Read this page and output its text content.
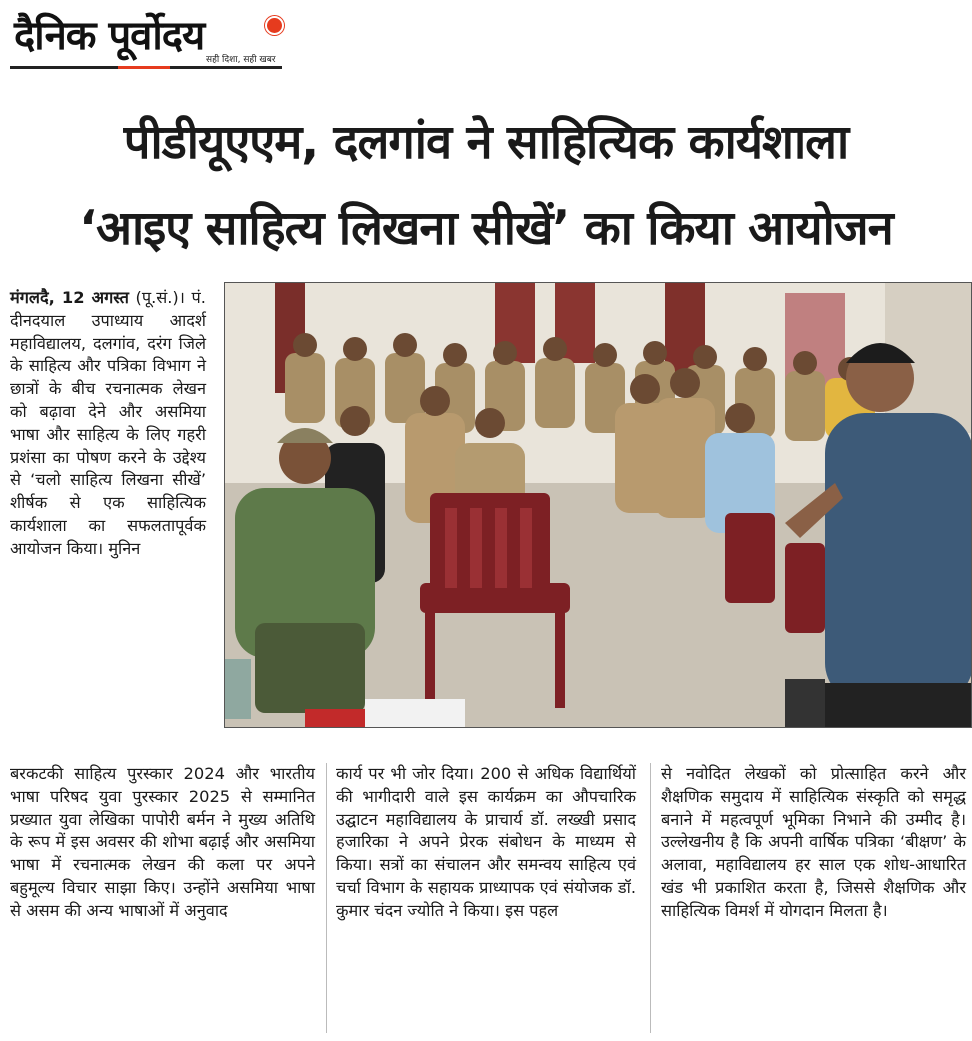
दैनिक पूर्वोदय
सही दिशा, सही खबर
पीडीयूएएम, दलगांव ने साहित्यिक कार्यशाला
‘आइए साहित्य लिखना सीखें’ का किया आयोजन

मंगलदै, 12 अगस्त (पू.सं.)। पं. दीनदयाल उपाध्याय आदर्श महाविद्यालय, दलगांव, दरंग जिले के साहित्य और पत्रिका विभाग ने छात्रों के बीच रचनात्मक लेखन को बढ़ावा देने और असमिया भाषा और साहित्य के लिए गहरी प्रशंसा का पोषण करने के उद्देश्य से ‘चलो साहित्य लिखना सीखें’ शीर्षक से एक साहित्यिक कार्यशाला का सफलतापूर्वक आयोजन किया। मुनिन

बरकटकी साहित्य पुरस्कार 2024 और भारतीय भाषा परिषद युवा पुरस्कार 2025 से सम्मानित प्रख्यात युवा लेखिका पापोरी बर्मन ने मुख्य अतिथि के रूप में इस अवसर की शोभा बढ़ाई और असमिया भाषा में रचनात्मक लेखन की कला पर अपने बहुमूल्य विचार साझा किए। उन्होंने असमिया भाषा से असम की अन्य भाषाओं में अनुवाद

कार्य पर भी जोर दिया। 200 से अधिक विद्यार्थियों की भागीदारी वाले इस कार्यक्रम का औपचारिक उद्घाटन महाविद्यालय के प्राचार्य डॉ. लख्खी प्रसाद हजारिका ने अपने प्रेरक संबोधन के माध्यम से किया। सत्रों का संचालन और समन्वय साहित्य एवं चर्चा विभाग के सहायक प्राध्यापक एवं संयोजक डॉ. कुमार चंदन ज्योति ने किया। इस पहल

से नवोदित लेखकों को प्रोत्साहित करने और शैक्षणिक समुदाय में साहित्यिक संस्कृति को समृद्ध बनाने में महत्वपूर्ण भूमिका निभाने की उम्मीद है। उल्लेखनीय है कि अपनी वार्षिक पत्रिका ‘बीक्षण’ के अलावा, महाविद्यालय हर साल एक शोध-आधारित खंड भी प्रकाशित करता है, जिससे शैक्षणिक और साहित्यिक विमर्श में योगदान मिलता है।
